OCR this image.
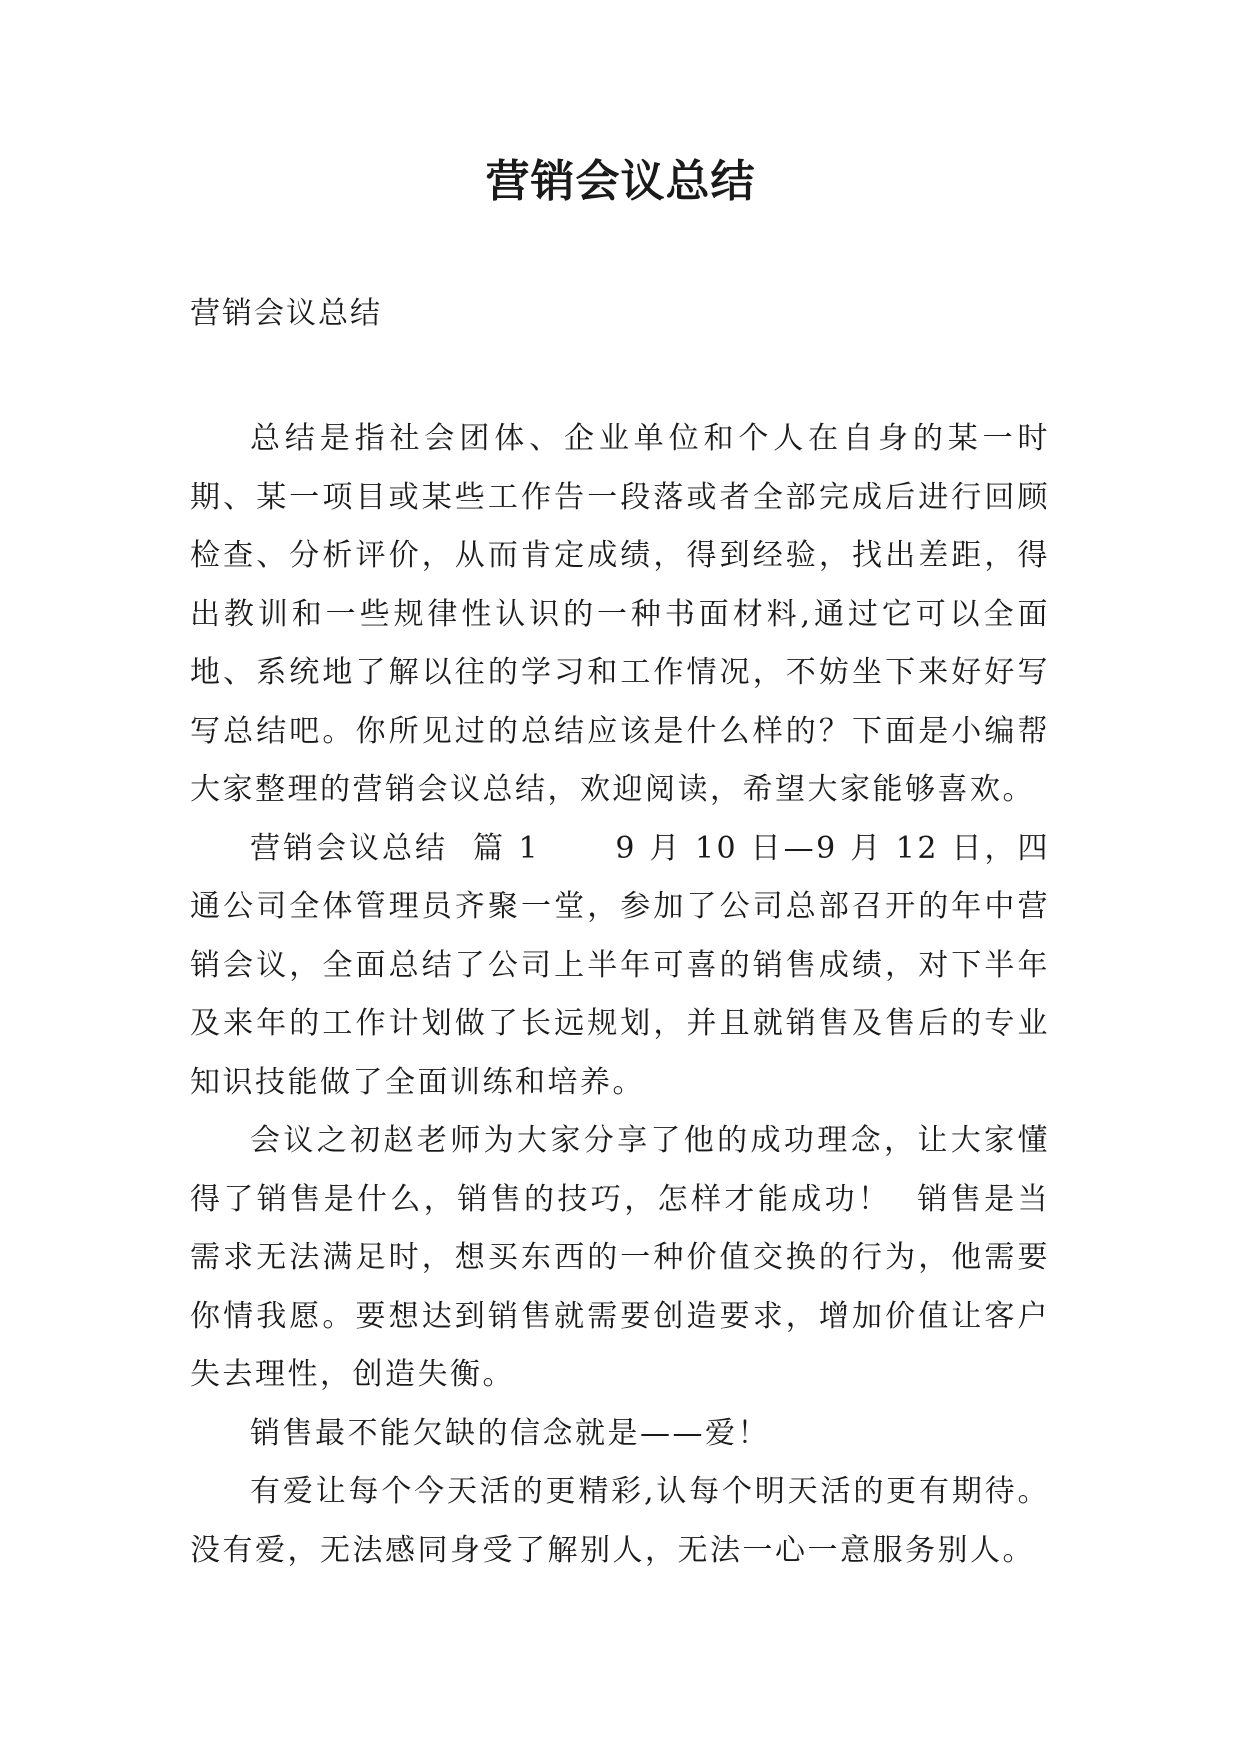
营销会议总结

营销会议总结

总结是指社会团体、企业单位和个人在自身的某一时期、某一项目或某些工作告一段落或者全部完成后进行回顾检查、分析评价，从而肯定成绩，得到经验，找出差距，得出教训和一些规律性认识的一种书面材料,通过它可以全面地、系统地了解以往的学习和工作情况，不妨坐下来好好写写总结吧。你所见过的总结应该是什么样的？下面是小编帮大家整理的营销会议总结，欢迎阅读，希望大家能够喜欢。

营销会议总结  篇 1      9 月 10 日—9 月 12 日，四通公司全体管理员齐聚一堂，参加了公司总部召开的年中营销会议，全面总结了公司上半年可喜的销售成绩，对下半年及来年的工作计划做了长远规划，并且就销售及售后的专业知识技能做了全面训练和培养。

会议之初赵老师为大家分享了他的成功理念，让大家懂得了销售是什么，销售的技巧，怎样才能成功！  销售是当需求无法满足时，想买东西的一种价值交换的行为，他需要你情我愿。要想达到销售就需要创造要求，增加价值让客户失去理性，创造失衡。

销售最不能欠缺的信念就是——爱！

有爱让每个今天活的更精彩,认每个明天活的更有期待。没有爱，无法感同身受了解别人，无法一心一意服务别人。
